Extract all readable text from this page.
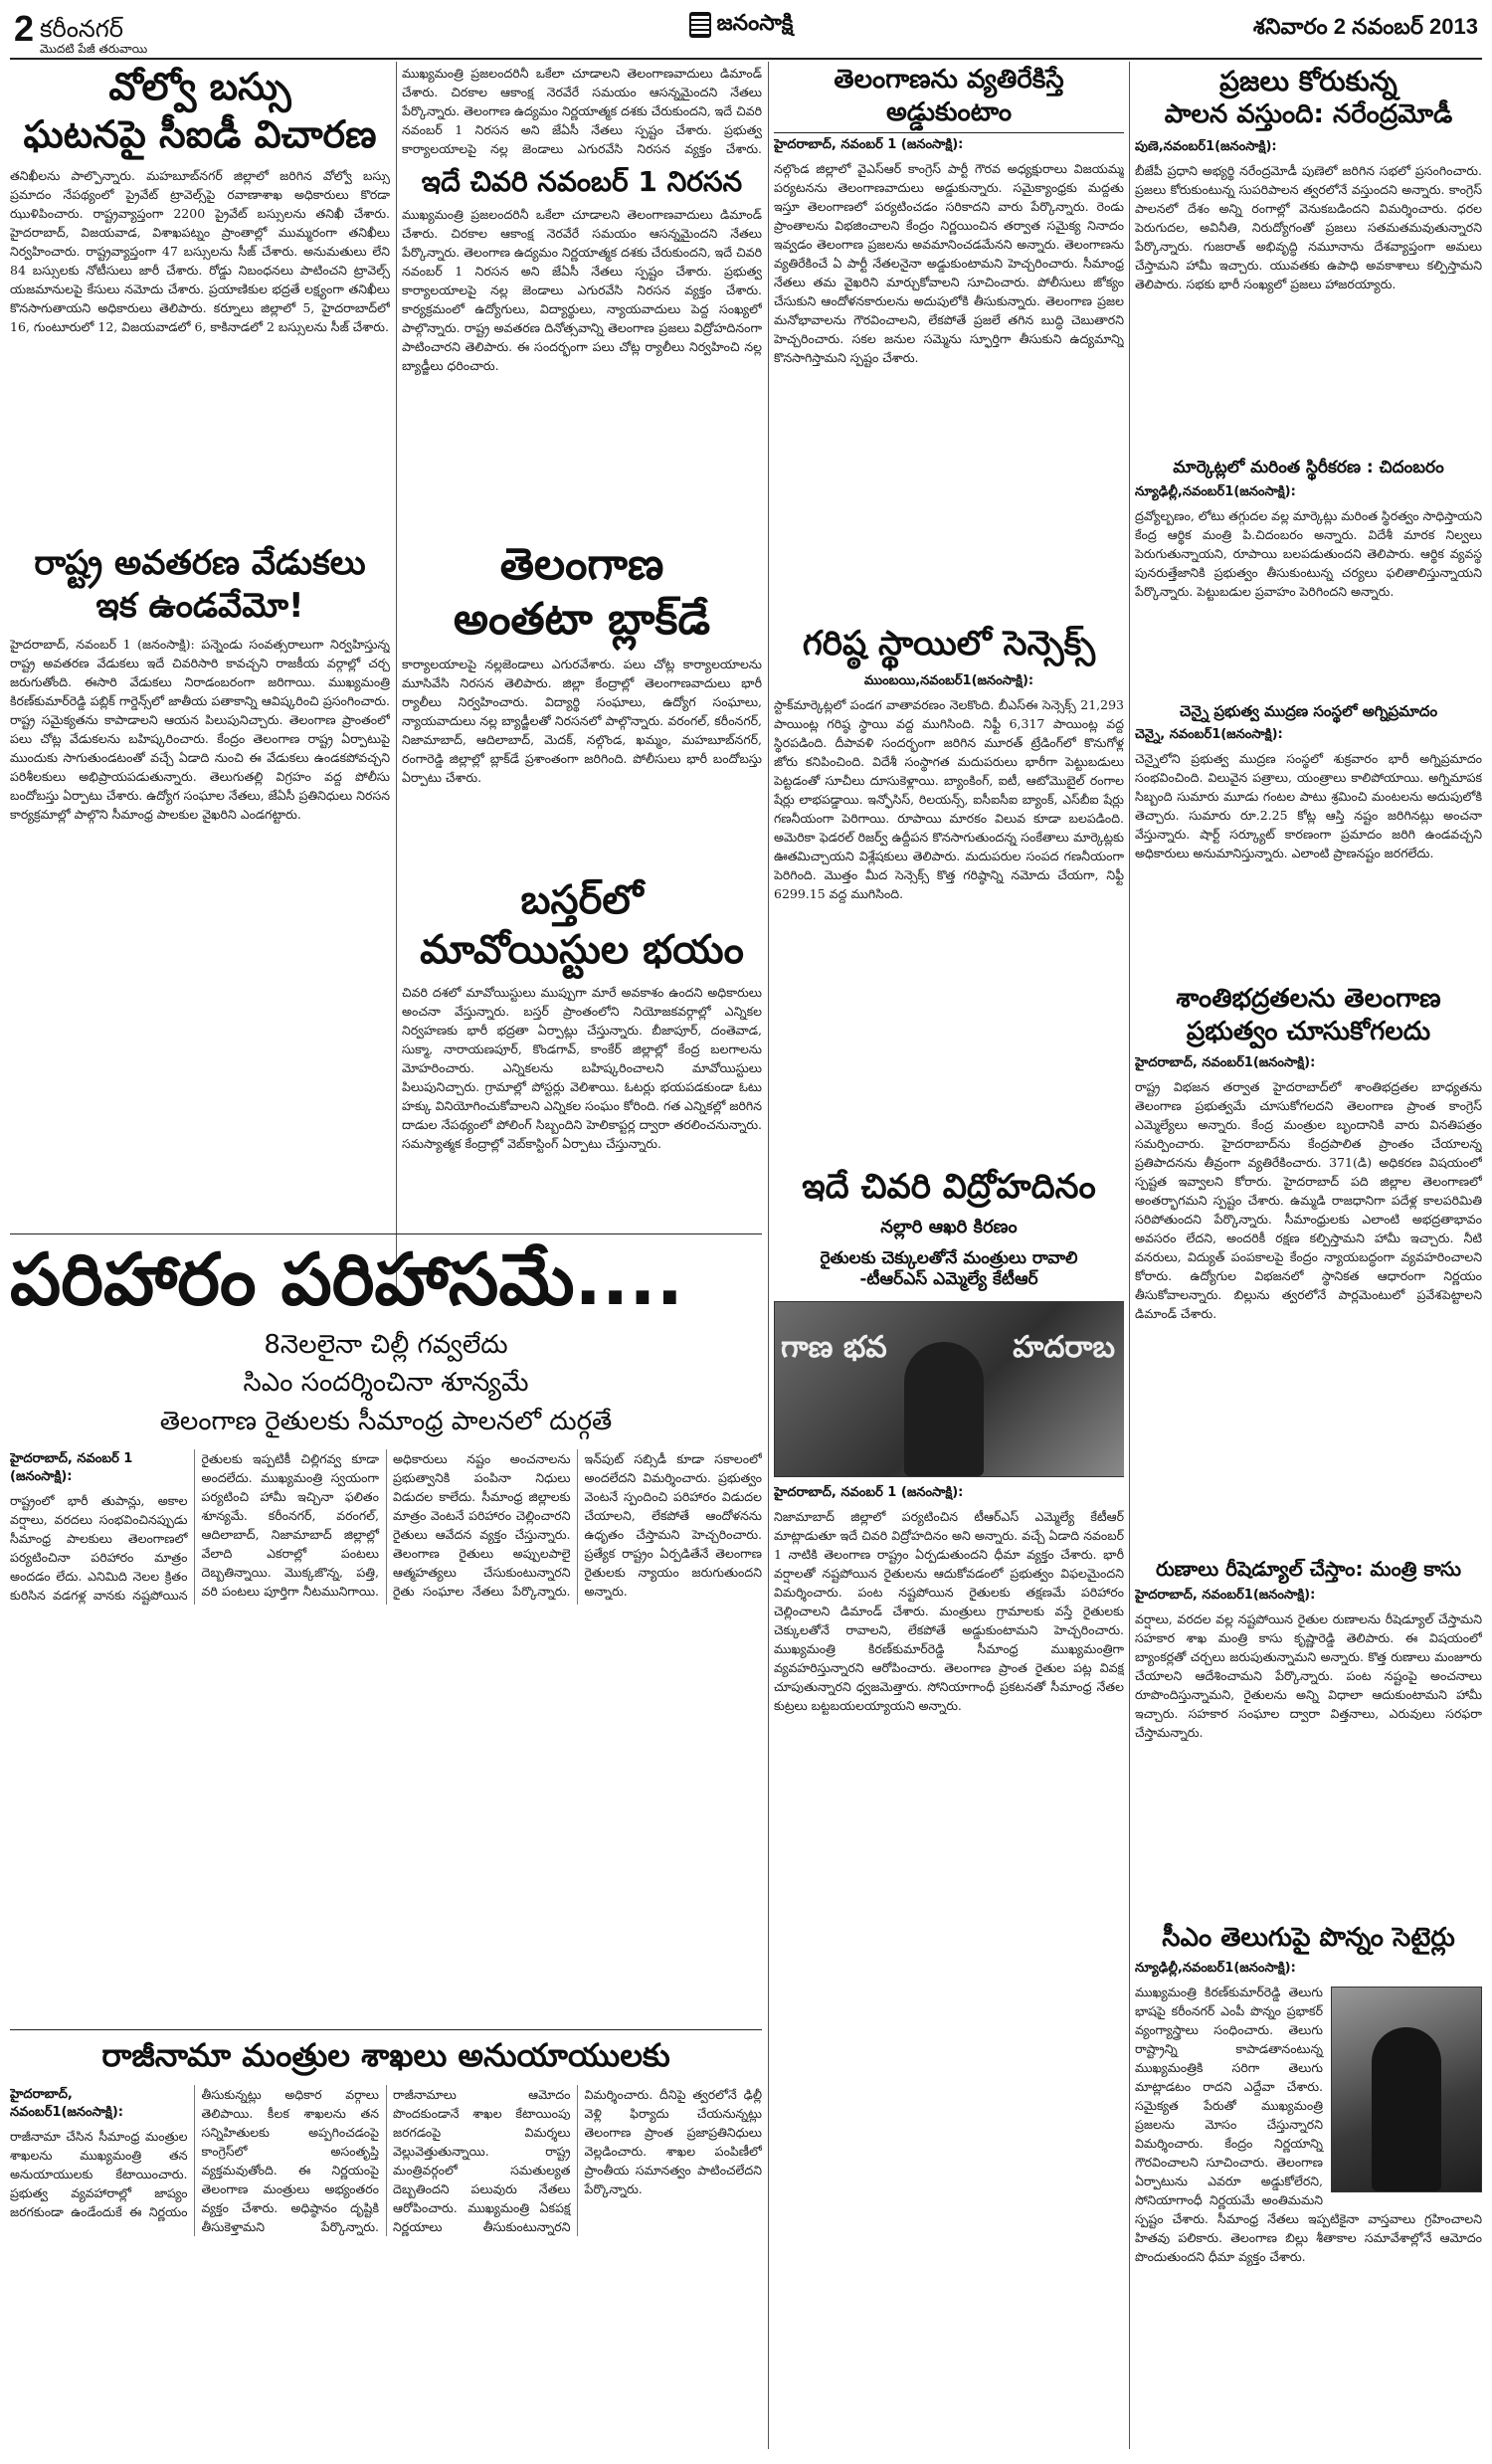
2 కరీంనగర్	జనంసాక్షి	శనివారం 2 నవంబర్ 2013
మొదటి పేజీ తరువాయి
వోల్వో బస్సు
ఘటనపై సీఐడీ విచారణ
తనిఖీలను పాల్పొన్నారు. మహబూబ్‌నగర్ జిల్లాలో జరిగిన వోల్వో బస్సు ప్రమాదం నేపథ్యంలో ప్రైవేట్ ట్రావెల్స్‌పై రవాణాశాఖ అధికారులు కొరడా ఝుళిపించారు. రాష్ట్రవ్యాప్తంగా 2200 ప్రైవేట్ బస్సులను తనిఖీ చేశారు. హైదరాబాద్, విజయవాడ, విశాఖపట్నం ప్రాంతాల్లో ముమ్మరంగా తనిఖీలు నిర్వహించారు. రాష్ట్రవ్యాప్తంగా 47 బస్సులను సీజ్ చేశారు. అనుమతులు లేని 84 బస్సులకు నోటీసులు జారీ చేశారు. రోడ్డు నిబంధనలు పాటించని ట్రావెల్స్ యజమానులపై కేసులు నమోదు చేశారు. ప్రయాణికుల భద్రతే లక్ష్యంగా తనిఖీలు కొనసాగుతాయని అధికారులు తెలిపారు. కర్నూలు జిల్లాలో 5, హైదరాబాద్‌లో 16, గుంటూరులో 12, విజయవాడలో 6, కాకినాడలో 2 బస్సులను సీజ్ చేశారు.
రాష్ట్ర అవతరణ వేడుకలు
ఇక ఉండవేమో!
హైదరాబాద్, నవంబర్ 1 (జనంసాక్షి): పన్నెండు సంవత్సరాలుగా నిర్వహిస్తున్న రాష్ట్ర అవతరణ వేడుకలు ఇదే చివరిసారి కావచ్చని రాజకీయ వర్గాల్లో చర్చ జరుగుతోంది. ఈసారి వేడుకలు నిరాడంబరంగా జరిగాయి. ముఖ్యమంత్రి కిరణ్‌కుమార్‌రెడ్డి పబ్లిక్ గార్డెన్స్‌లో జాతీయ పతాకాన్ని ఆవిష్కరించి ప్రసంగించారు. రాష్ట్ర సమైక్యతను కాపాడాలని ఆయన పిలుపునిచ్చారు. తెలంగాణ ప్రాంతంలో పలు చోట్ల వేడుకలను బహిష్కరించారు. కేంద్రం తెలంగాణ రాష్ట్ర ఏర్పాటుపై ముందుకు సాగుతుండటంతో వచ్చే ఏడాది నుంచి ఈ వేడుకలు ఉండకపోవచ్చని పరిశీలకులు అభిప్రాయపడుతున్నారు. తెలుగుతల్లి విగ్రహం వద్ద పోలీసు బందోబస్తు ఏర్పాటు చేశారు. ఉద్యోగ సంఘాల నేతలు, జేఏసీ ప్రతినిధులు నిరసన కార్యక్రమాల్లో పాల్గొని సీమాంధ్ర పాలకుల వైఖరిని ఎండగట్టారు.
ముఖ్యమంత్రి ప్రజలందరినీ ఒకేలా చూడాలని తెలంగాణవాదులు డిమాండ్ చేశారు. చిరకాల ఆకాంక్ష నెరవేరే సమయం ఆసన్నమైందని నేతలు పేర్కొన్నారు. తెలంగాణ ఉద్యమం నిర్ణయాత్మక దశకు చేరుకుందని, ఇదే చివరి నవంబర్ 1 నిరసన అని జేఏసీ నేతలు స్పష్టం చేశారు. ప్రభుత్వ కార్యాలయాలపై నల్ల జెండాలు ఎగురవేసి నిరసన వ్యక్తం చేశారు.
ఇదే చివరి నవంబర్ 1 నిరసన
ముఖ్యమంత్రి ప్రజలందరినీ ఒకేలా చూడాలని తెలంగాణవాదులు డిమాండ్ చేశారు. చిరకాల ఆకాంక్ష నెరవేరే సమయం ఆసన్నమైందని నేతలు పేర్కొన్నారు. తెలంగాణ ఉద్యమం నిర్ణయాత్మక దశకు చేరుకుందని, ఇదే చివరి నవంబర్ 1 నిరసన అని జేఏసీ నేతలు స్పష్టం చేశారు. ప్రభుత్వ కార్యాలయాలపై నల్ల జెండాలు ఎగురవేసి నిరసన వ్యక్తం చేశారు. కార్యక్రమంలో ఉద్యోగులు, విద్యార్థులు, న్యాయవాదులు పెద్ద సంఖ్యలో పాల్గొన్నారు. రాష్ట్ర అవతరణ దినోత్సవాన్ని తెలంగాణ ప్రజలు విద్రోహదినంగా పాటించారని తెలిపారు. ఈ సందర్భంగా పలు చోట్ల ర్యాలీలు నిర్వహించి నల్ల బ్యాడ్జీలు ధరించారు.
తెలంగాణ
అంతటా బ్లాక్‌డే
కార్యాలయాలపై నల్లజెండాలు ఎగురవేశారు. పలు చోట్ల కార్యాలయాలను మూసివేసి నిరసన తెలిపారు. జిల్లా కేంద్రాల్లో తెలంగాణవాదులు భారీ ర్యాలీలు నిర్వహించారు. విద్యార్థి సంఘాలు, ఉద్యోగ సంఘాలు, న్యాయవాదులు నల్ల బ్యాడ్జీలతో నిరసనలో పాల్గొన్నారు. వరంగల్, కరీంనగర్, నిజామాబాద్, ఆదిలాబాద్, మెదక్, నల్గొండ, ఖమ్మం, మహబూబ్‌నగర్, రంగారెడ్డి జిల్లాల్లో బ్లాక్‌డే ప్రశాంతంగా జరిగింది. పోలీసులు భారీ బందోబస్తు ఏర్పాటు చేశారు.
బస్తర్‌లో
మావోయిస్టుల భయం
చివరి దశలో మావోయిస్టులు ముప్పుగా మారే అవకాశం ఉందని అధికారులు అంచనా వేస్తున్నారు. బస్తర్ ప్రాంతంలోని నియోజకవర్గాల్లో ఎన్నికల నిర్వహణకు భారీ భద్రతా ఏర్పాట్లు చేస్తున్నారు. బీజాపూర్, దంతెవాడ, సుక్మా, నారాయణపూర్, కొండగావ్, కాంకేర్ జిల్లాల్లో కేంద్ర బలగాలను మోహరించారు. ఎన్నికలను బహిష్కరించాలని మావోయిస్టులు పిలుపునిచ్చారు. గ్రామాల్లో పోస్టర్లు వెలిశాయి. ఓటర్లు భయపడకుండా ఓటు హక్కు వినియోగించుకోవాలని ఎన్నికల సంఘం కోరింది. గత ఎన్నికల్లో జరిగిన దాడుల నేపథ్యంలో పోలింగ్ సిబ్బందిని హెలికాప్టర్ల ద్వారా తరలించనున్నారు. సమస్యాత్మక కేంద్రాల్లో వెబ్‌కాస్టింగ్ ఏర్పాటు చేస్తున్నారు.
తెలంగాణను వ్యతిరేకిస్తే అడ్డుకుంటాం
హైదరాబాద్, నవంబర్ 1 (జనంసాక్షి):
నల్గొండ జిల్లాలో వైఎస్‌ఆర్ కాంగ్రెస్ పార్టీ గౌరవ అధ్యక్షురాలు విజయమ్మ పర్యటనను తెలంగాణవాదులు అడ్డుకున్నారు. సమైక్యాంధ్రకు మద్దతు ఇస్తూ తెలంగాణలో పర్యటించడం సరికాదని వారు పేర్కొన్నారు. రెండు ప్రాంతాలను విభజించాలని కేంద్రం నిర్ణయించిన తర్వాత సమైక్య నినాదం ఇవ్వడం తెలంగాణ ప్రజలను అవమానించడమేనని అన్నారు. తెలంగాణను వ్యతిరేకించే ఏ పార్టీ నేతలనైనా అడ్డుకుంటామని హెచ్చరించారు. సీమాంధ్ర నేతలు తమ వైఖరిని మార్చుకోవాలని సూచించారు. పోలీసులు జోక్యం చేసుకుని ఆందోళనకారులను అదుపులోకి తీసుకున్నారు. తెలంగాణ ప్రజల మనోభావాలను గౌరవించాలని, లేకపోతే ప్రజలే తగిన బుద్ధి చెబుతారని హెచ్చరించారు. సకల జనుల సమ్మెను స్ఫూర్తిగా తీసుకుని ఉద్యమాన్ని కొనసాగిస్తామని స్పష్టం చేశారు.
గరిష్ఠ స్థాయిలో సెన్సెక్స్
ముంబయి,నవంబర్1(జనంసాక్షి):
స్టాక్‌మార్కెట్లలో పండగ వాతావరణం నెలకొంది. బీఎస్‌ఈ సెన్సెక్స్ 21,293 పాయింట్ల గరిష్ఠ స్థాయి వద్ద ముగిసింది. నిఫ్టీ 6,317 పాయింట్ల వద్ద స్థిరపడింది. దీపావళి సందర్భంగా జరిగిన మూరత్ ట్రేడింగ్‌లో కొనుగోళ్ల జోరు కనిపించింది. విదేశీ సంస్థాగత మదుపరులు భారీగా పెట్టుబడులు పెట్టడంతో సూచీలు దూసుకెళ్లాయి. బ్యాంకింగ్, ఐటీ, ఆటోమొబైల్ రంగాల షేర్లు లాభపడ్డాయి. ఇన్ఫోసిస్, రిలయన్స్, ఐసీఐసీఐ బ్యాంక్, ఎస్‌బీఐ షేర్లు గణనీయంగా పెరిగాయి. రూపాయి మారకం విలువ కూడా బలపడింది. అమెరికా ఫెడరల్ రిజర్వ్ ఉద్దీపన కొనసాగుతుందన్న సంకేతాలు మార్కెట్లకు ఊతమిచ్చాయని విశ్లేషకులు తెలిపారు. మదుపరుల సంపద గణనీయంగా పెరిగింది. మొత్తం మీద సెన్సెక్స్ కొత్త గరిష్ఠాన్ని నమోదు చేయగా, నిఫ్టీ 6299.15 వద్ద ముగిసింది.
ఇదే చివరి విద్రోహదినం
నల్లారి ఆఖరి కిరణం
రైతులకు చెక్కులతోనే మంత్రులు రావాలి
-టీఆర్‌ఎస్ ఎమ్మెల్యే కేటీఆర్
గాణ భవ	హదరాబ
హైదరాబాద్, నవంబర్ 1 (జనంసాక్షి):
నిజామాబాద్ జిల్లాలో పర్యటించిన టీఆర్‌ఎస్ ఎమ్మెల్యే కేటీఆర్ మాట్లాడుతూ ఇదే చివరి విద్రోహదినం అని అన్నారు. వచ్చే ఏడాది నవంబర్ 1 నాటికి తెలంగాణ రాష్ట్రం ఏర్పడుతుందని ధీమా వ్యక్తం చేశారు. భారీ వర్షాలతో నష్టపోయిన రైతులను ఆదుకోవడంలో ప్రభుత్వం విఫలమైందని విమర్శించారు. పంట నష్టపోయిన రైతులకు తక్షణమే పరిహారం చెల్లించాలని డిమాండ్ చేశారు. మంత్రులు గ్రామాలకు వస్తే రైతులకు చెక్కులతోనే రావాలని, లేకపోతే అడ్డుకుంటామని హెచ్చరించారు. ముఖ్యమంత్రి కిరణ్‌కుమార్‌రెడ్డి సీమాంధ్ర ముఖ్యమంత్రిగా వ్యవహరిస్తున్నారని ఆరోపించారు. తెలంగాణ ప్రాంత రైతుల పట్ల వివక్ష చూపుతున్నారని ధ్వజమెత్తారు. సోనియాగాంధీ ప్రకటనతో సీమాంధ్ర నేతల కుట్రలు బట్టబయలయ్యాయని అన్నారు.
ప్రజలు కోరుకున్న
పాలన వస్తుంది: నరేంద్రమోడీ
పుణె,నవంబర్1(జనంసాక్షి):
బీజేపీ ప్రధాని అభ్యర్థి నరేంద్రమోడీ పుణెలో జరిగిన సభలో ప్రసంగించారు. ప్రజలు కోరుకుంటున్న సుపరిపాలన త్వరలోనే వస్తుందని అన్నారు. కాంగ్రెస్ పాలనలో దేశం అన్ని రంగాల్లో వెనుకబడిందని విమర్శించారు. ధరల పెరుగుదల, అవినీతి, నిరుద్యోగంతో ప్రజలు సతమతమవుతున్నారని పేర్కొన్నారు. గుజరాత్ అభివృద్ధి నమూనాను దేశవ్యాప్తంగా అమలు చేస్తామని హామీ ఇచ్చారు. యువతకు ఉపాధి అవకాశాలు కల్పిస్తామని తెలిపారు. సభకు భారీ సంఖ్యలో ప్రజలు హాజరయ్యారు.
మార్కెట్లలో మరింత స్థిరీకరణ : చిదంబరం
న్యూఢిల్లీ,నవంబర్1(జనంసాక్షి):
ద్రవ్యోల్బణం, లోటు తగ్గుదల వల్ల మార్కెట్లు మరింత స్థిరత్వం సాధిస్తాయని కేంద్ర ఆర్థిక మంత్రి పి.చిదంబరం అన్నారు. విదేశీ మారక నిల్వలు పెరుగుతున్నాయని, రూపాయి బలపడుతుందని తెలిపారు. ఆర్థిక వ్యవస్థ పునరుత్తేజానికి ప్రభుత్వం తీసుకుంటున్న చర్యలు ఫలితాలిస్తున్నాయని పేర్కొన్నారు. పెట్టుబడుల ప్రవాహం పెరిగిందని అన్నారు.
చెన్నై ప్రభుత్వ ముద్రణ సంస్థలో అగ్నిప్రమాదం
చెన్నై, నవంబర్1(జనంసాక్షి):
చెన్నైలోని ప్రభుత్వ ముద్రణ సంస్థలో శుక్రవారం భారీ అగ్నిప్రమాదం సంభవించింది. విలువైన పత్రాలు, యంత్రాలు కాలిపోయాయి. అగ్నిమాపక సిబ్బంది సుమారు మూడు గంటల పాటు శ్రమించి మంటలను అదుపులోకి తెచ్చారు. సుమారు రూ.2.25 కోట్ల ఆస్తి నష్టం జరిగినట్లు అంచనా వేస్తున్నారు. షార్ట్ సర్క్యూట్ కారణంగా ప్రమాదం జరిగి ఉండవచ్చని అధికారులు అనుమానిస్తున్నారు. ఎలాంటి ప్రాణనష్టం జరగలేదు.
శాంతిభద్రతలను తెలంగాణ
ప్రభుత్వం చూసుకోగలదు
హైదరాబాద్, నవంబర్1(జనంసాక్షి):
రాష్ట్ర విభజన తర్వాత హైదరాబాద్‌లో శాంతిభద్రతల బాధ్యతను తెలంగాణ ప్రభుత్వమే చూసుకోగలదని తెలంగాణ ప్రాంత కాంగ్రెస్ ఎమ్మెల్యేలు అన్నారు. కేంద్ర మంత్రుల బృందానికి వారు వినతిపత్రం సమర్పించారు. హైదరాబాద్‌ను కేంద్రపాలిత ప్రాంతం చేయాలన్న ప్రతిపాదనను తీవ్రంగా వ్యతిరేకించారు. 371(డి) అధికరణ విషయంలో స్పష్టత ఇవ్వాలని కోరారు. హైదరాబాద్ పది జిల్లాల తెలంగాణలో అంతర్భాగమని స్పష్టం చేశారు. ఉమ్మడి రాజధానిగా పదేళ్ల కాలపరిమితి సరిపోతుందని పేర్కొన్నారు. సీమాంధ్రులకు ఎలాంటి అభద్రతాభావం అవసరం లేదని, అందరికీ రక్షణ కల్పిస్తామని హామీ ఇచ్చారు. నీటి వనరులు, విద్యుత్ పంపకాలపై కేంద్రం న్యాయబద్ధంగా వ్యవహరించాలని కోరారు. ఉద్యోగుల విభజనలో స్థానికత ఆధారంగా నిర్ణయం తీసుకోవాలన్నారు. బిల్లును త్వరలోనే పార్లమెంటులో ప్రవేశపెట్టాలని డిమాండ్ చేశారు.
రుణాలు రీషెడ్యూల్ చేస్తాం: మంత్రి కాసు
హైదరాబాద్, నవంబర్1(జనంసాక్షి):
వర్షాలు, వరదల వల్ల నష్టపోయిన రైతుల రుణాలను రీషెడ్యూల్ చేస్తామని సహకార శాఖ మంత్రి కాసు కృష్ణారెడ్డి తెలిపారు. ఈ విషయంలో బ్యాంకర్లతో చర్చలు జరుపుతున్నామని అన్నారు. కొత్త రుణాలు మంజూరు చేయాలని ఆదేశించామని పేర్కొన్నారు. పంట నష్టంపై అంచనాలు రూపొందిస్తున్నామని, రైతులను అన్ని విధాలా ఆదుకుంటామని హామీ ఇచ్చారు. సహకార సంఘాల ద్వారా విత్తనాలు, ఎరువులు సరఫరా చేస్తామన్నారు.
సీఎం తెలుగుపై పొన్నం సెటైర్లు
న్యూఢిల్లీ,నవంబర్1(జనంసాక్షి):
ముఖ్యమంత్రి కిరణ్‌కుమార్‌రెడ్డి తెలుగు భాషపై కరీంనగర్ ఎంపీ పొన్నం ప్రభాకర్ వ్యంగ్యాస్త్రాలు సంధించారు. తెలుగు రాష్ట్రాన్ని కాపాడతానంటున్న ముఖ్యమంత్రికి సరిగా తెలుగు మాట్లాడటం రాదని ఎద్దేవా చేశారు. సమైక్యత పేరుతో ముఖ్యమంత్రి ప్రజలను మోసం చేస్తున్నారని విమర్శించారు. కేంద్రం నిర్ణయాన్ని గౌరవించాలని సూచించారు. తెలంగాణ ఏర్పాటును ఎవరూ అడ్డుకోలేరని, సోనియాగాంధీ నిర్ణయమే అంతిమమని స్పష్టం చేశారు. సీమాంధ్ర నేతలు ఇప్పటికైనా వాస్తవాలు గ్రహించాలని హితవు పలికారు. తెలంగాణ బిల్లు శీతాకాల సమావేశాల్లోనే ఆమోదం పొందుతుందని ధీమా వ్యక్తం చేశారు.
పరిహారం పరిహాసమే....
8నెలలైనా చిల్లీ గవ్వలేదు
సిఎం సందర్శించినా శూన్యమే
తెలంగాణ రైతులకు సీమాంధ్ర పాలనలో దుర్గతే
హైదరాబాద్, నవంబర్ 1 (జనంసాక్షి):
రాష్ట్రంలో భారీ తుపాన్లు, అకాల వర్షాలు, వరదలు సంభవించినప్పుడు సీమాంధ్ర పాలకులు తెలంగాణలో పర్యటించినా పరిహారం మాత్రం అందడం లేదు. ఎనిమిది నెలల క్రితం కురిసిన వడగళ్ల వానకు నష్టపోయిన రైతులకు ఇప్పటికీ చిల్లిగవ్వ కూడా అందలేదు. ముఖ్యమంత్రి స్వయంగా పర్యటించి హామీ ఇచ్చినా ఫలితం శూన్యమే. కరీంనగర్, వరంగల్, ఆదిలాబాద్, నిజామాబాద్ జిల్లాల్లో వేలాది ఎకరాల్లో పంటలు దెబ్బతిన్నాయి. మొక్కజొన్న, పత్తి, వరి పంటలు పూర్తిగా నీటమునిగాయి. అధికారులు నష్టం అంచనాలను ప్రభుత్వానికి పంపినా నిధులు విడుదల కాలేదు. సీమాంధ్ర జిల్లాలకు మాత్రం వెంటనే పరిహారం చెల్లించారని రైతులు ఆవేదన వ్యక్తం చేస్తున్నారు. తెలంగాణ రైతులు అప్పులపాలై ఆత్మహత్యలు చేసుకుంటున్నారని రైతు సంఘాల నేతలు పేర్కొన్నారు. ఇన్‌పుట్ సబ్సిడీ కూడా సకాలంలో అందలేదని విమర్శించారు. ప్రభుత్వం వెంటనే స్పందించి పరిహారం విడుదల చేయాలని, లేకపోతే ఆందోళనను ఉధృతం చేస్తామని హెచ్చరించారు. ప్రత్యేక రాష్ట్రం ఏర్పడితేనే తెలంగాణ రైతులకు న్యాయం జరుగుతుందని అన్నారు.
రాజీనామా మంత్రుల శాఖలు అనుయాయులకు
హైదరాబాద్, నవంబర్1(జనంసాక్షి):
రాజీనామా చేసిన సీమాంధ్ర మంత్రుల శాఖలను ముఖ్యమంత్రి తన అనుయాయులకు కేటాయించారు. ప్రభుత్వ వ్యవహారాల్లో జాప్యం జరగకుండా ఉండేందుకే ఈ నిర్ణయం తీసుకున్నట్లు అధికార వర్గాలు తెలిపాయి. కీలక శాఖలను తన సన్నిహితులకు అప్పగించడంపై కాంగ్రెస్‌లో అసంతృప్తి వ్యక్తమవుతోంది. ఈ నిర్ణయంపై తెలంగాణ మంత్రులు అభ్యంతరం వ్యక్తం చేశారు. అధిష్ఠానం దృష్టికి తీసుకెళ్తామని పేర్కొన్నారు. రాజీనామాలు ఆమోదం పొందకుండానే శాఖల కేటాయింపు జరగడంపై విమర్శలు వెల్లువెత్తుతున్నాయి. రాష్ట్ర మంత్రివర్గంలో సమతుల్యత దెబ్బతిందని పలువురు నేతలు ఆరోపించారు. ముఖ్యమంత్రి ఏకపక్ష నిర్ణయాలు తీసుకుంటున్నారని విమర్శించారు. దీనిపై త్వరలోనే ఢిల్లీ వెళ్లి ఫిర్యాదు చేయనున్నట్లు తెలంగాణ ప్రాంత ప్రజాప్రతినిధులు వెల్లడించారు. శాఖల పంపిణీలో ప్రాంతీయ సమానత్వం పాటించలేదని పేర్కొన్నారు.
